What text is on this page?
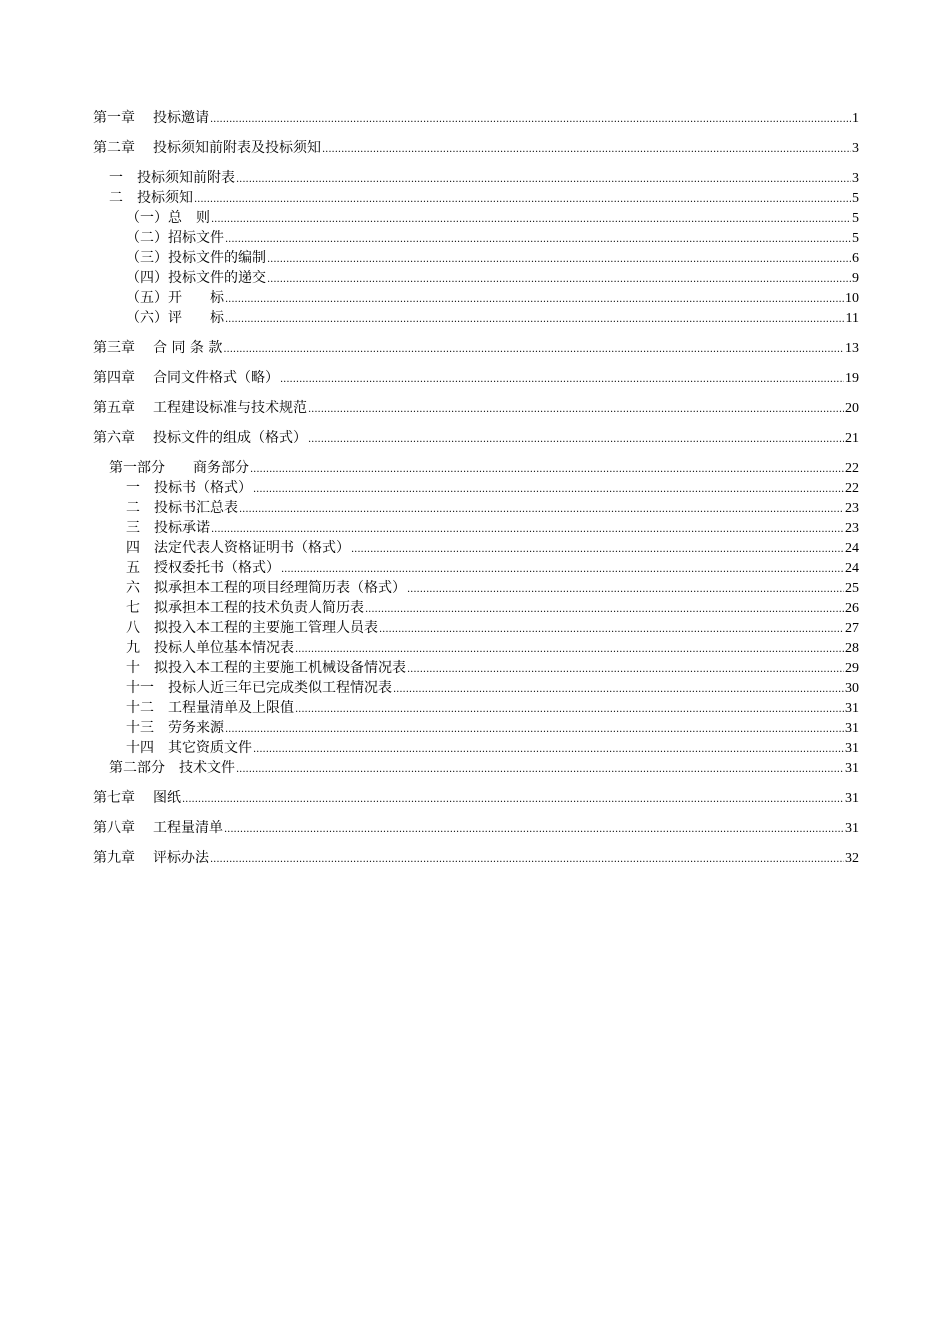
第一章　 投标邀请 .....	1
第二章　 投标须知前附表及投标须知 .....	3
一　 投标须知前附表 .....	3
二　 投标须知 .....	5
（一）总　则 .....	5
（二）招标文件 .....	5
（三）投标文件的编制 .....	6
（四）投标文件的递交 .....	9
（五）开　　标 .....	10
（六）评　　标 .....	11
第三章　 合 同 条 款 .....	13
第四章　 合同文件格式（略） .....	19
第五章　 工程建设标准与技术规范 .....	20
第六章　 投标文件的组成（格式） .....	21
第一部分　　商务部分 .....	22
一　 投标书（格式） .....	22
二　 投标书汇总表 .....	23
三　 投标承诺 .....	23
四　 法定代表人资格证明书（格式） .....	24
五　 授权委托书（格式） .....	24
六　 拟承担本工程的项目经理简历表（格式） .....	25
七　 拟承担本工程的技术负责人简历表 .....	26
八　 拟投入本工程的主要施工管理人员表 .....	27
九　 投标人单位基本情况表 .....	28
十　 拟投入本工程的主要施工机械设备情况表 .....	29
十一　 投标人近三年已完成类似工程情况表 .....	30
十二　 工程量清单及上限值 .....	31
十三　 劳务来源 .....	31
十四　 其它资质文件 .....	31
第二部分　 技术文件 .....	31
第七章　 图纸 .....	31
第八章　 工程量清单 .....	31
第九章　 评标办法 .....	32
